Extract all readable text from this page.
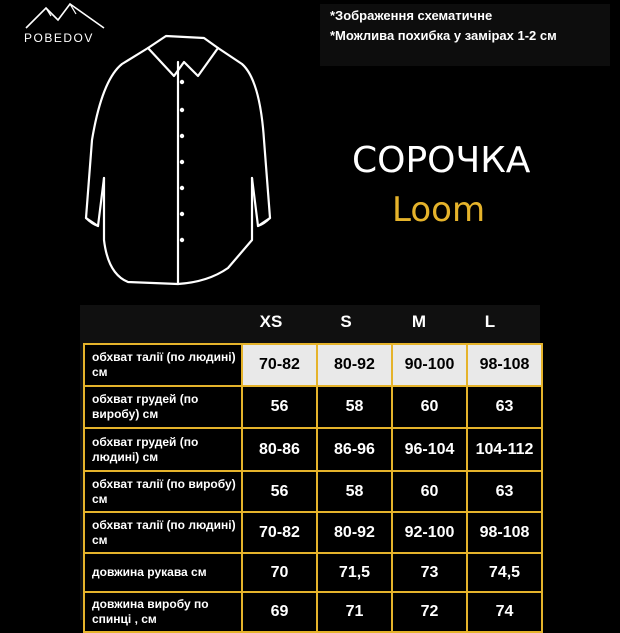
POBEDOV
*Зображення схематичне
*Можлива похибка у замірах 1-2 см
СОРОЧКА
Loom
XS	S	M	L
обхват талії (по людині) см	70-82	80-92	90-100	98-108
обхват грудей (по виробу) см	56	58	60	63
обхват грудей (по людині) см	80-86	86-96	96-104	104-112
обхват талії (по виробу) см	56	58	60	63
обхват талії (по людині) см	70-82	80-92	92-100	98-108
довжина рукава см	70	71,5	73	74,5
довжина виробу по спинці , см	69	71	72	74
